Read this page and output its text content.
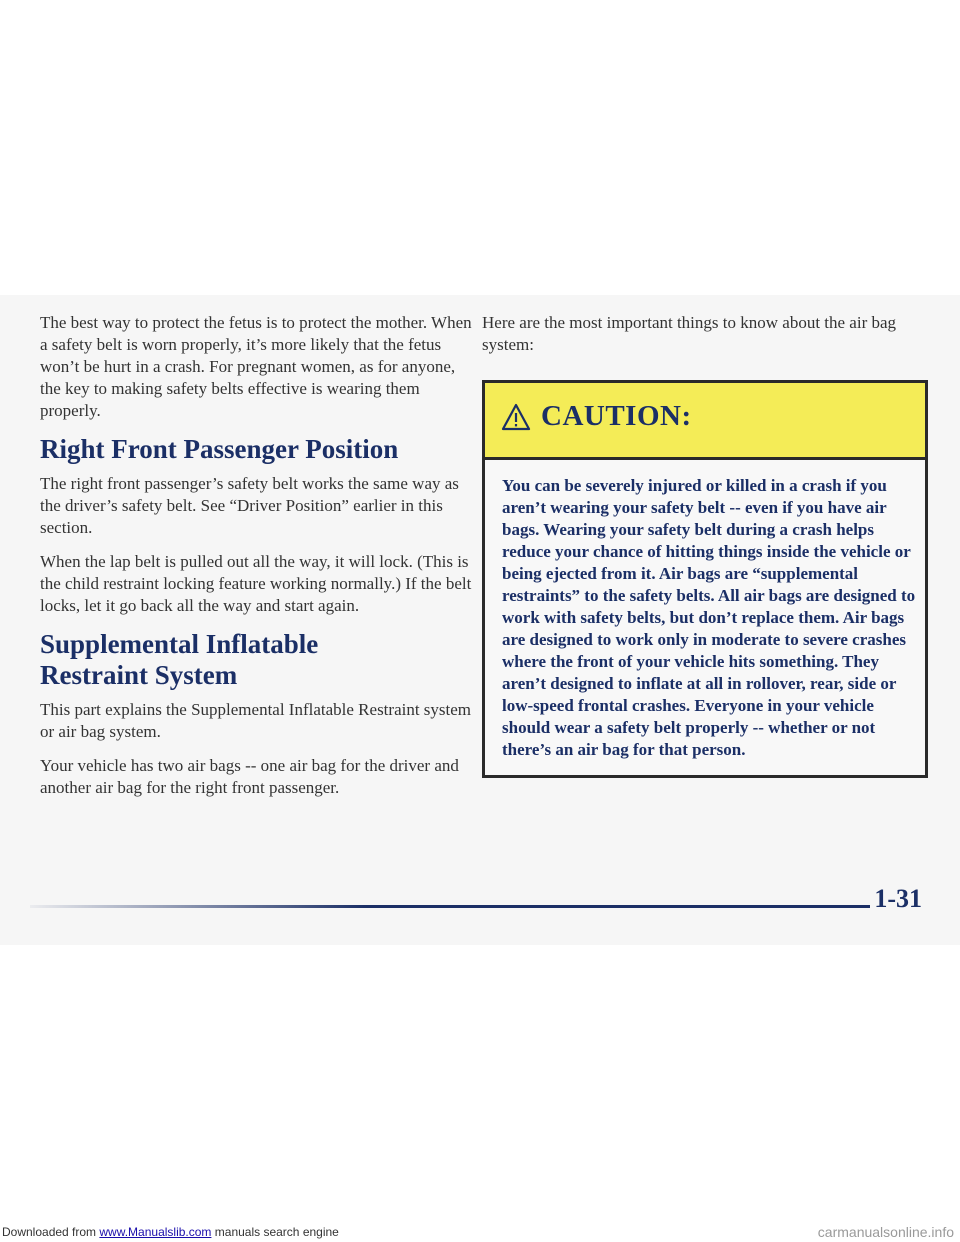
The best way to protect the fetus is to protect the mother. When a safety belt is worn properly, it’s more likely that the fetus won’t be hurt in a crash. For pregnant women, as for anyone, the key to making safety belts effective is wearing them properly.

Right Front Passenger Position

The right front passenger’s safety belt works the same way as the driver’s safety belt. See “Driver Position” earlier in this section.

When the lap belt is pulled out all the way, it will lock. (This is the child restraint locking feature working normally.) If the belt locks, let it go back all the way and start again.

Supplemental Inflatable
Restraint System

This part explains the Supplemental Inflatable Restraint system or air bag system.

Your vehicle has two air bags -- one air bag for the driver and another air bag for the right front passenger.

Here are the most important things to know about the air bag system:

CAUTION:

You can be severely injured or killed in a crash if you aren’t wearing your safety belt -- even if you have air bags. Wearing your safety belt during a crash helps reduce your chance of hitting things inside the vehicle or being ejected from it. Air bags are “supplemental restraints” to the safety belts. All air bags are designed to work with safety belts, but don’t replace them. Air bags are designed to work only in moderate to severe crashes where the front of your vehicle hits something. They aren’t designed to inflate at all in rollover, rear, side or low-speed frontal crashes. Everyone in your vehicle should wear a safety belt properly -- whether or not there’s an air bag for that person.

1-31
Downloaded from www.Manualslib.com manuals search engine	carmanualsonline.info
